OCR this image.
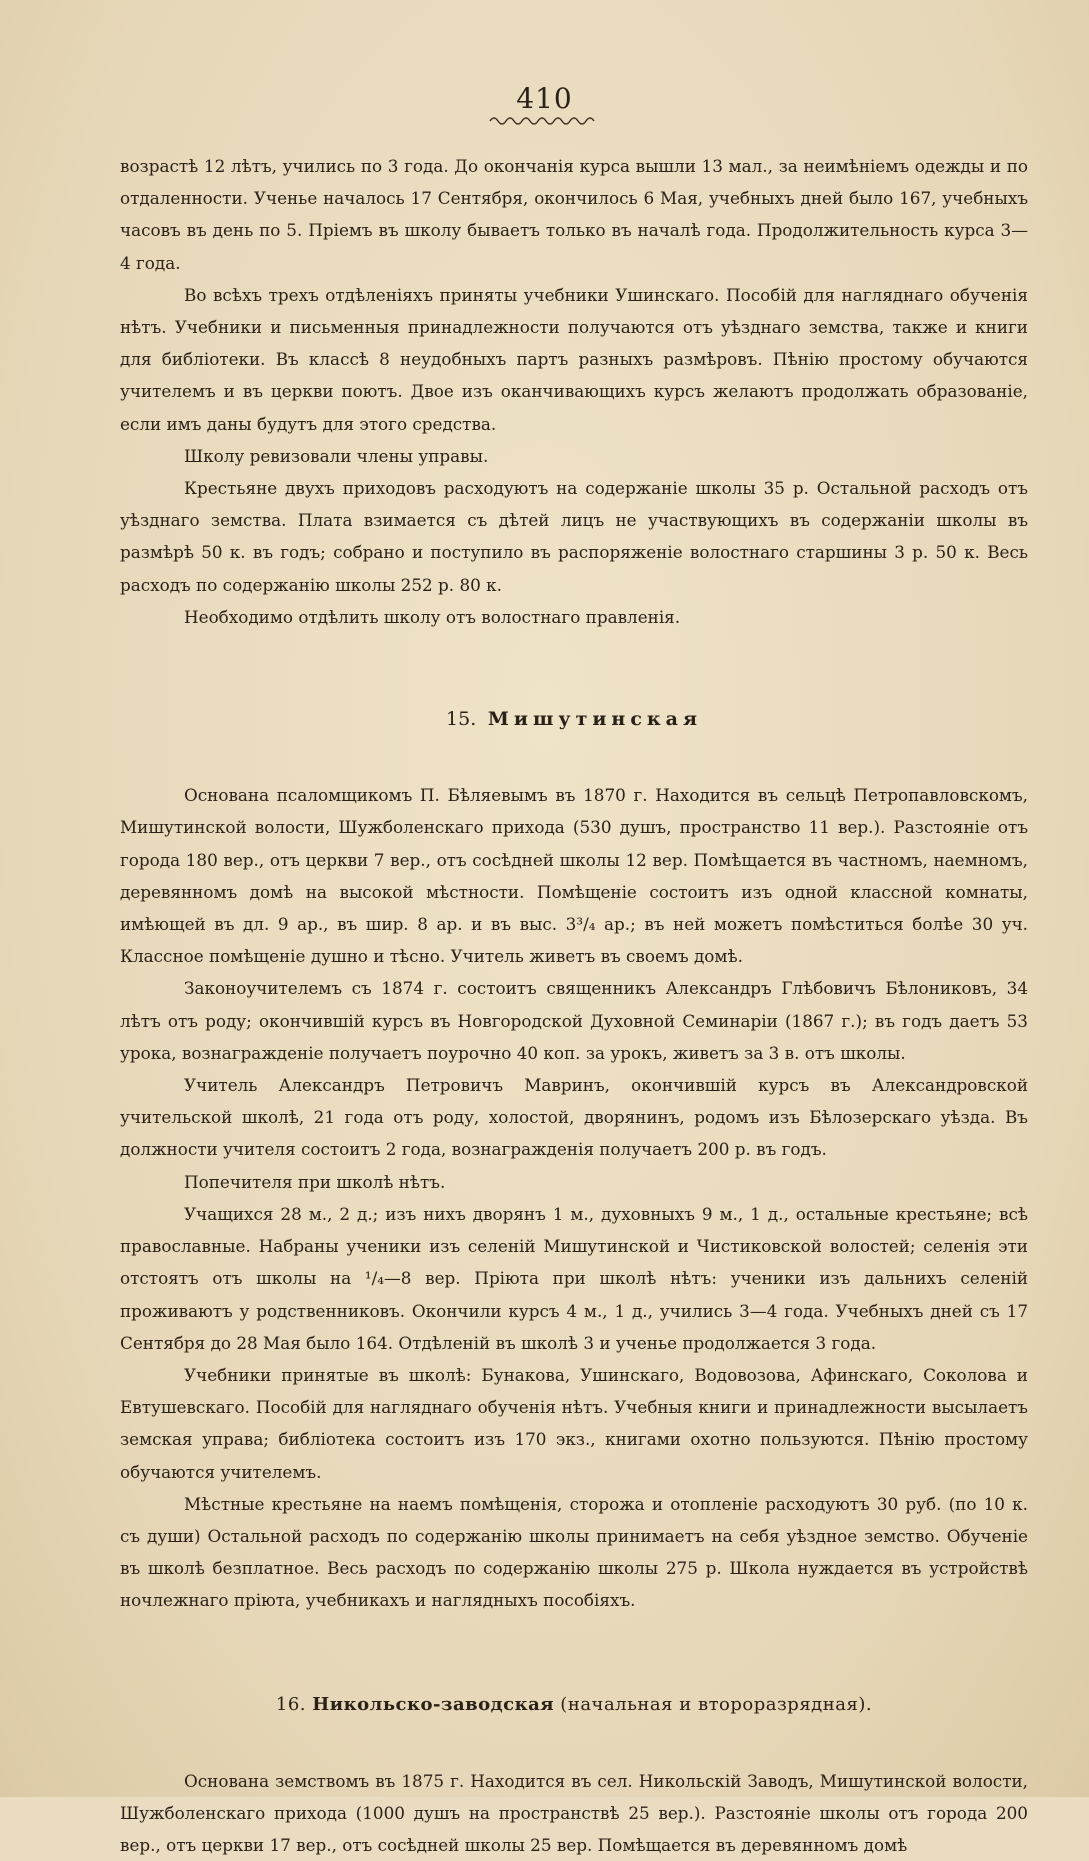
410

возрастѣ 12 лѣтъ, учились по 3 года. До окончанія курса вышли 13 мал., за неимѣніемъ одежды и по отдаленности. Ученье началось 17 Сентября, окончилось 6 Мая, учебныхъ дней было 167, учебныхъ часовъ въ день по 5. Пріемъ въ школу бываетъ только въ началѣ года. Продолжительность курса 3—4 года.

Во всѣхъ трехъ отдѣленіяхъ приняты учебники Ушинскаго. Пособій для нагляднаго обученія нѣтъ. Учебники и письменныя принадлежности получаются отъ уѣзднаго земства, также и книги для библіотеки. Въ классѣ 8 неудобныхъ партъ разныхъ размѣровъ. Пѣнію простому обучаются учителемъ и въ церкви поютъ. Двое изъ оканчивающихъ курсъ желаютъ продолжать образованіе, если имъ даны будутъ для этого средства.

Школу ревизовали члены управы.

Крестьяне двухъ приходовъ расходуютъ на содержаніе школы 35 р. Остальной расходъ отъ уѣзднаго земства. Плата взимается съ дѣтей лицъ не участвующихъ въ содержаніи школы въ размѣрѣ 50 к. въ годъ; собрано и поступило въ распоряженіе волостнаго старшины 3 р. 50 к. Весь расходъ по содержанію школы 252 р. 80 к.

Необходимо отдѣлить школу отъ волостнаго правленія.

15. Мишутинская

Основана псаломщикомъ П. Бѣляевымъ въ 1870 г. Находится въ сельцѣ Петропавловскомъ, Мишутинской волости, Шужболенскаго прихода (530 душъ, пространство 11 вер.). Разстояніе отъ города 180 вер., отъ церкви 7 вер., отъ сосѣдней школы 12 вер. Помѣщается въ частномъ, наемномъ, деревянномъ домѣ на высокой мѣстности. Помѣщеніе состоитъ изъ одной классной комнаты, имѣющей въ дл. 9 ар., въ шир. 8 ар. и въ выс. 3³/₄ ар.; въ ней можетъ помѣститься болѣе 30 уч. Классное помѣщеніе душно и тѣсно. Учитель живетъ въ своемъ домѣ.

Законоучителемъ съ 1874 г. состоитъ священникъ Александръ Глѣбовичъ Бѣлониковъ, 34 лѣтъ отъ роду; окончившій курсъ въ Новгородской Духовной Семинаріи (1867 г.); въ годъ даетъ 53 урока, вознагражденіе получаетъ поурочно 40 коп. за урокъ, живетъ за 3 в. отъ школы.

Учитель Александръ Петровичъ Мавринъ, окончившій курсъ въ Александровской учительской школѣ, 21 года отъ роду, холостой, дворянинъ, родомъ изъ Бѣлозерскаго уѣзда. Въ должности учителя состоитъ 2 года, вознагражденія получаетъ 200 р. въ годъ.

Попечителя при школѣ нѣтъ.

Учащихся 28 м., 2 д.; изъ нихъ дворянъ 1 м., духовныхъ 9 м., 1 д., остальные крестьяне; всѣ православные. Набраны ученики изъ селеній Мишутинской и Чистиковской волостей; селенія эти отстоятъ отъ школы на ¹/₄—8 вер. Пріюта при школѣ нѣтъ: ученики изъ дальнихъ селеній проживаютъ у родственниковъ. Окончили курсъ 4 м., 1 д., учились 3—4 года. Учебныхъ дней съ 17 Сентября до 28 Мая было 164. Отдѣленій въ школѣ 3 и ученье продолжается 3 года.

Учебники принятые въ школѣ: Бунакова, Ушинскаго, Водовозова, Афинскаго, Соколова и Евтушевскаго. Пособій для нагляднаго обученія нѣтъ. Учебныя книги и принадлежности высылаетъ земская управа; библіотека состоитъ изъ 170 экз., книгами охотно пользуются. Пѣнію простому обучаются учителемъ.

Мѣстные крестьяне на наемъ помѣщенія, сторожа и отопленіе расходуютъ 30 руб. (по 10 к. съ души) Остальной расходъ по содержанію школы принимаетъ на себя уѣздное земство. Обученіе въ школѣ безплатное. Весь расходъ по содержанію школы 275 р. Школа нуждается въ устройствѣ ночлежнаго пріюта, учебникахъ и наглядныхъ пособіяхъ.

16. Никольско-заводская (начальная и второразрядная).

Основана земствомъ въ 1875 г. Находится въ сел. Никольскій Заводъ, Мишутинской волости, Шужболенскаго прихода (1000 душъ на пространствѣ 25 вер.). Разстояніе школы отъ города 200 вер., отъ церкви 17 вер., отъ сосѣдней школы 25 вер. Помѣщается въ деревянномъ домѣ
